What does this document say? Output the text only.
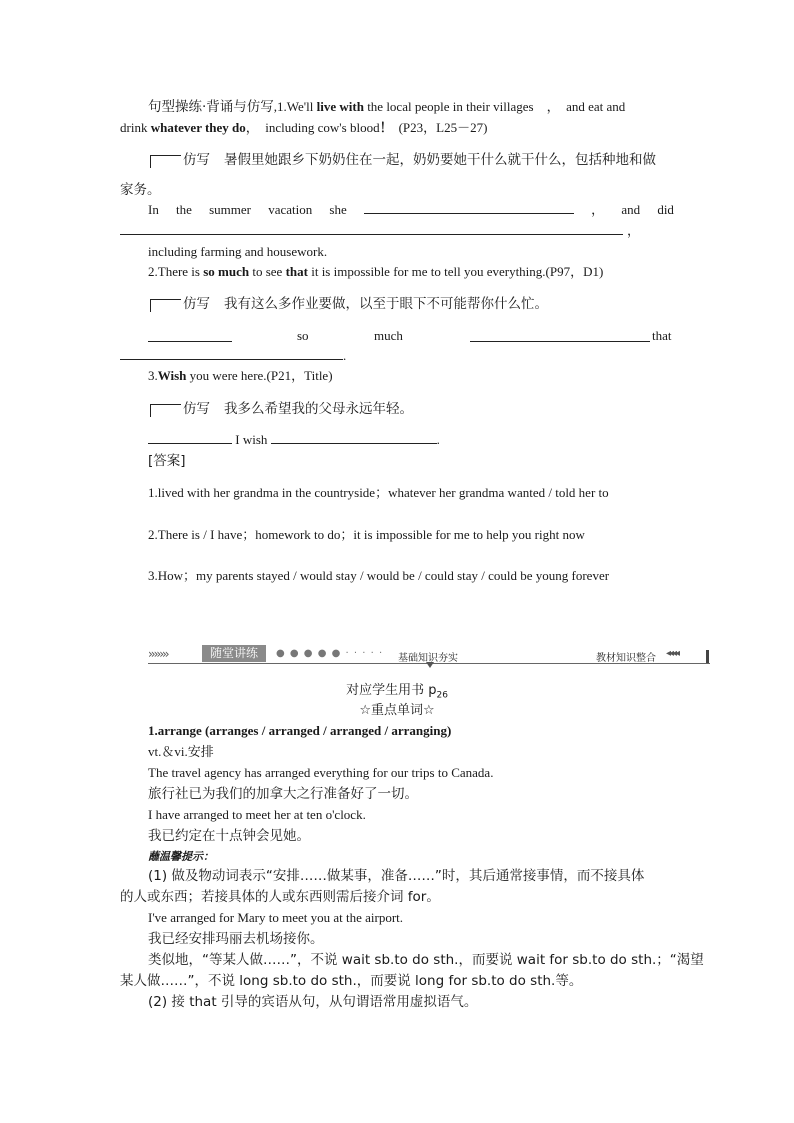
句型操练·背诵与仿写,1.We'll live with the local people in their villages　，　and eat and
drink whatever they do，　including cow's blood！ (P23，L25－27)
仿写 暑假里她跟乡下奶奶住在一起，奶奶要她干什么就干什么，包括种地和做
家务。
In the summer vacation she	， and did
，
including farming and housework.
2.There is so much to see that it is impossible for me to tell you everything.(P97，D1)
仿写 我有这么多作业要做，以至于眼下不可能帮你什么忙。
so	much	that
.
3.Wish you were here.(P21，Title)
仿写 我多么希望我的父母永远年轻。
I wish	.
[答案]
1.lived with her grandma in the countryside；whatever her grandma wanted / told her to
2.There is / I have；homework to do；it is impossible for me to help you right now
3.How；my parents stayed / would stay / would be / could stay / could be young forever
›››››››	随堂讲练	● ● ● ● ● · · · · · 基础知识夯实	教材知识整合 ◂◂◂◂
对应学生用书 $p_{26}$
☆重点单词☆
1.arrange (arranges / arranged / arranged / arranging)
vt.＆vi.安排
The travel agency has arranged everything for our trips to Canada.
旅行社已为我们的加拿大之行准备好了一切。
I have arranged to meet her at ten o'clock.
我已约定在十点钟会见她。
蘸温馨提示：
(1) 做及物动词表示“安排……做某事，准备……”时，其后通常接事情，而不接具体
的人或东西；若接具体的人或东西则需后接介词 for。
I've arranged for Mary to meet you at the airport.
我已经安排玛丽去机场接你。
类似地，“等某人做……”，不说 wait sb.to do sth.，而要说 wait for sb.to do sth.；“渴望
某人做……”，不说 long sb.to do sth.，而要说 long for sb.to do sth.等。
(2) 接 that 引导的宾语从句，从句谓语常用虚拟语气。
